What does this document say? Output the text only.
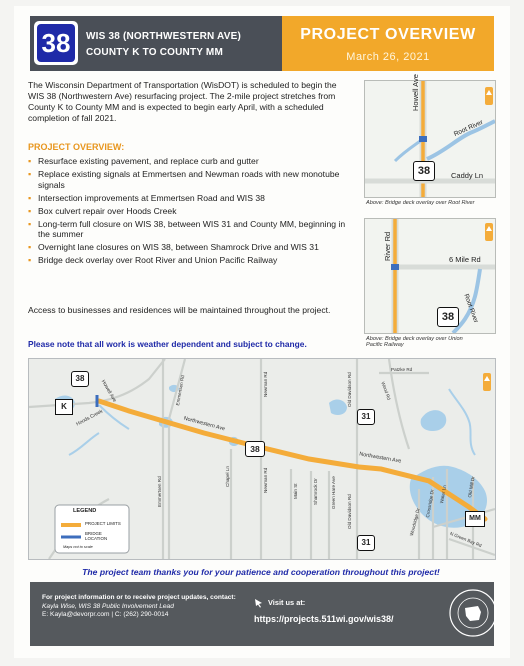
38	WIS 38 (NORTHWESTERN AVE)
COUNTY K TO COUNTY MM
PROJECT OVERVIEW
March 26, 2021
The Wisconsin Department of Transportation (WisDOT) is scheduled to begin the WIS 38 (Northwestern Ave) resurfacing project. The 2-mile project stretches from County K to County MM and is expected to begin early April, with a scheduled completion of fall 2021.
PROJECT OVERVIEW:
▪ Resurface existing pavement, and replace curb and gutter
▪ Replace existing signals at Emmertsen and Newman roads with new monotube signals
▪ Intersection improvements at Emmertsen Road and WIS 38
▪ Box culvert repair over Hoods Creek
▪ Long-term full closure on WIS 38, between WIS 31 and County MM, beginning in the summer
▪ Overnight lane closures on WIS 38, between Shamrock Drive and WIS 31
▪ Bridge deck overlay over Root River and Union Pacific Railway
Access to businesses and residences will be maintained throughout the project.
Please note that all work is weather dependent and subject to change.
Howell Ave
Root River
Caddy Ln
38
Above: Bridge deck overlay over Root River
River Rd	6 Mile Rd
Root River
38
Above: Bridge deck overlay over Union Pacific Railway
38
K
38
31
31
MM
Hoods Creek
Howell Ave
Northwestern Ave
Northwestern Ave
Emmertsen Rd
Emmertsen Rd
Chapel Ln	Newman Rd
Newman Rd
Main St	Shamrock Dr	Green Hare Ave
Old Davidson Rd
Old Davidson Rd
Patzke Rd
Wood Rd
Woodridge Dr
Crossridge Dr Water Ln	Old Mill Dr
N Green Bay Rd
LEGEND
PROJECT LIMITS
BRIDGE LOCATION
Maps not to scale
The project team thanks you for your patience and cooperation throughout this project!
For project information or to receive project updates, contact:
Kayla Wise, WIS 38 Public Involvement Lead
E: Kayla@devorpr.com | C: (262) 290-0014
Visit us at:
https://projects.511wi.gov/wis38/
